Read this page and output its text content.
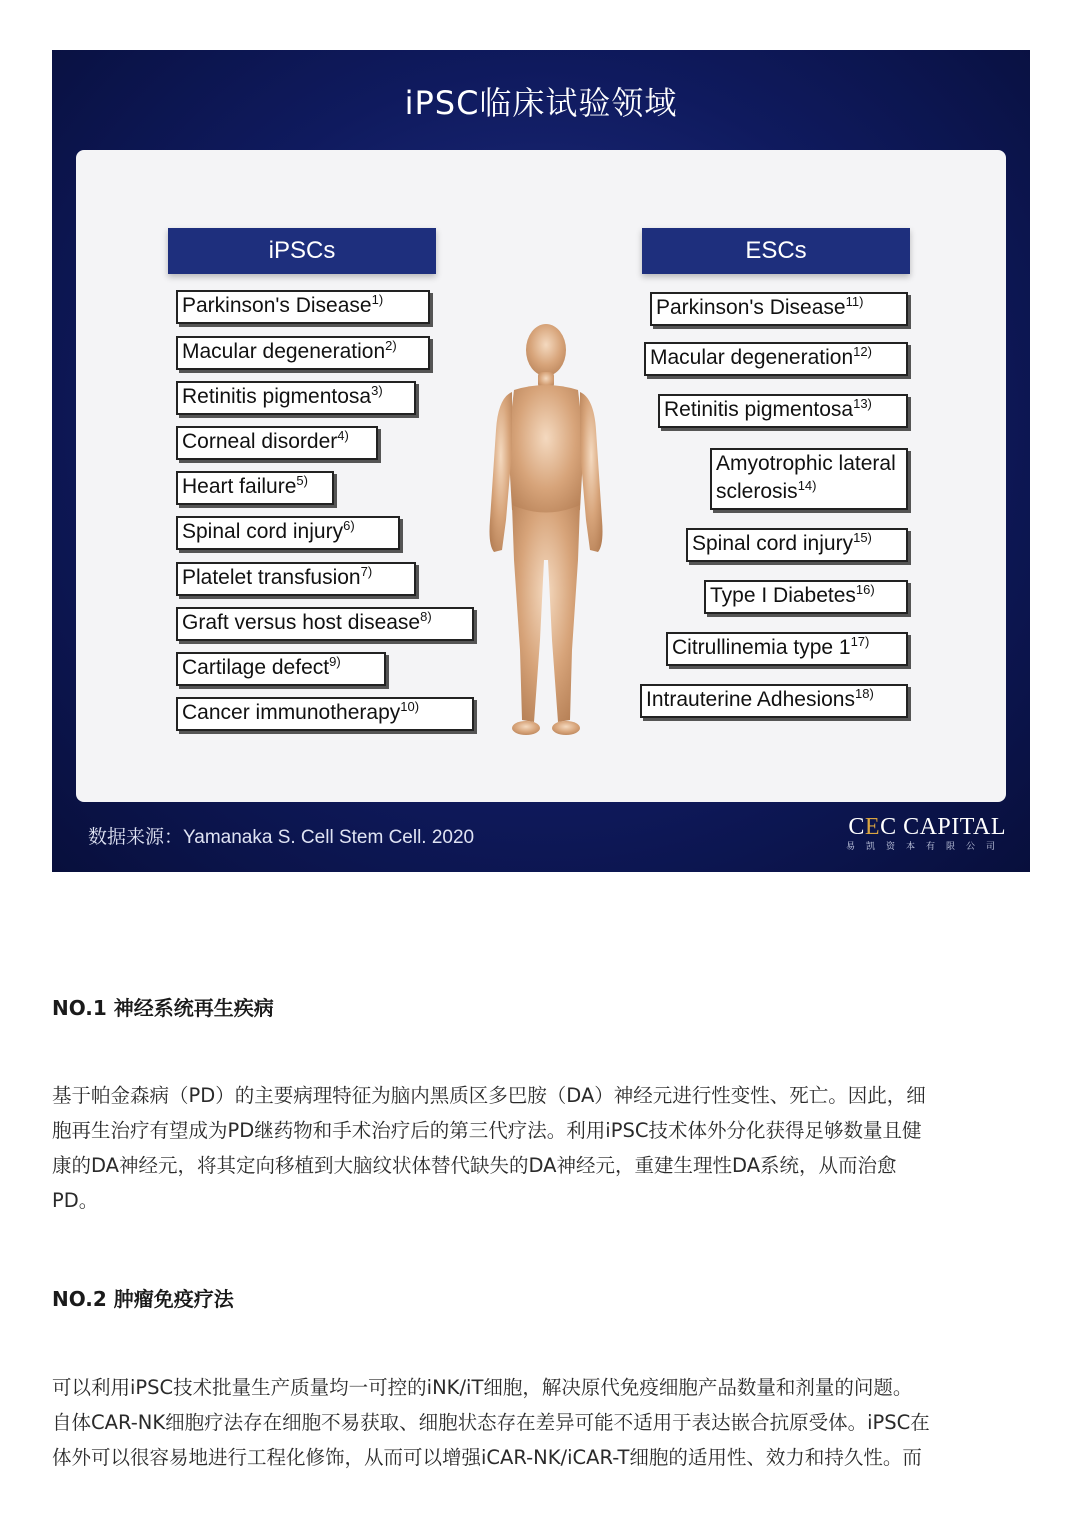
iPSC临床试验领域
iPSCs	ESCs
Parkinson's Disease$^{1)}$
Macular degeneration$^{2)}$
Retinitis pigmentosa$^{3)}$
Corneal disorder$^{4)}$
Heart failure$^{5)}$
Spinal cord injury$^{6)}$
Platelet transfusion$^{7)}$
Graft versus host disease$^{8)}$
Cartilage defect$^{9)}$
Cancer immunotherapy$^{10)}$
Parkinson's Disease$^{11)}$
Macular degeneration$^{12)}$
Retinitis pigmentosa$^{13)}$
Amyotrophic lateral sclerosis$^{14)}$
Spinal cord injury$^{15)}$
Type I Diabetes$^{16)}$
Citrullinemia type 1$^{17)}$
Intrauterine Adhesions$^{18)}$
数据来源：Yamanaka S. Cell Stem Cell. 2020	CEC CAPITAL
易凯资本有限公司
NO.1 神经系统再生疾病
基于帕金森病（PD）的主要病理特征为脑内黑质区多巴胺（DA）神经元进行性变性、死亡。因此，细
胞再生治疗有望成为PD继药物和手术治疗后的第三代疗法。利用iPSC技术体外分化获得足够数量且健
康的DA神经元，将其定向移植到大脑纹状体替代缺失的DA神经元，重建生理性DA系统，从而治愈
PD。
NO.2 肿瘤免疫疗法
可以利用iPSC技术批量生产质量均一可控的iNK/iT细胞，解决原代免疫细胞产品数量和剂量的问题。
自体CAR-NK细胞疗法存在细胞不易获取、细胞状态存在差异可能不适用于表达嵌合抗原受体。iPSC在
体外可以很容易地进行工程化修饰，从而可以增强iCAR-NK/iCAR-T细胞的适用性、效力和持久性。而
